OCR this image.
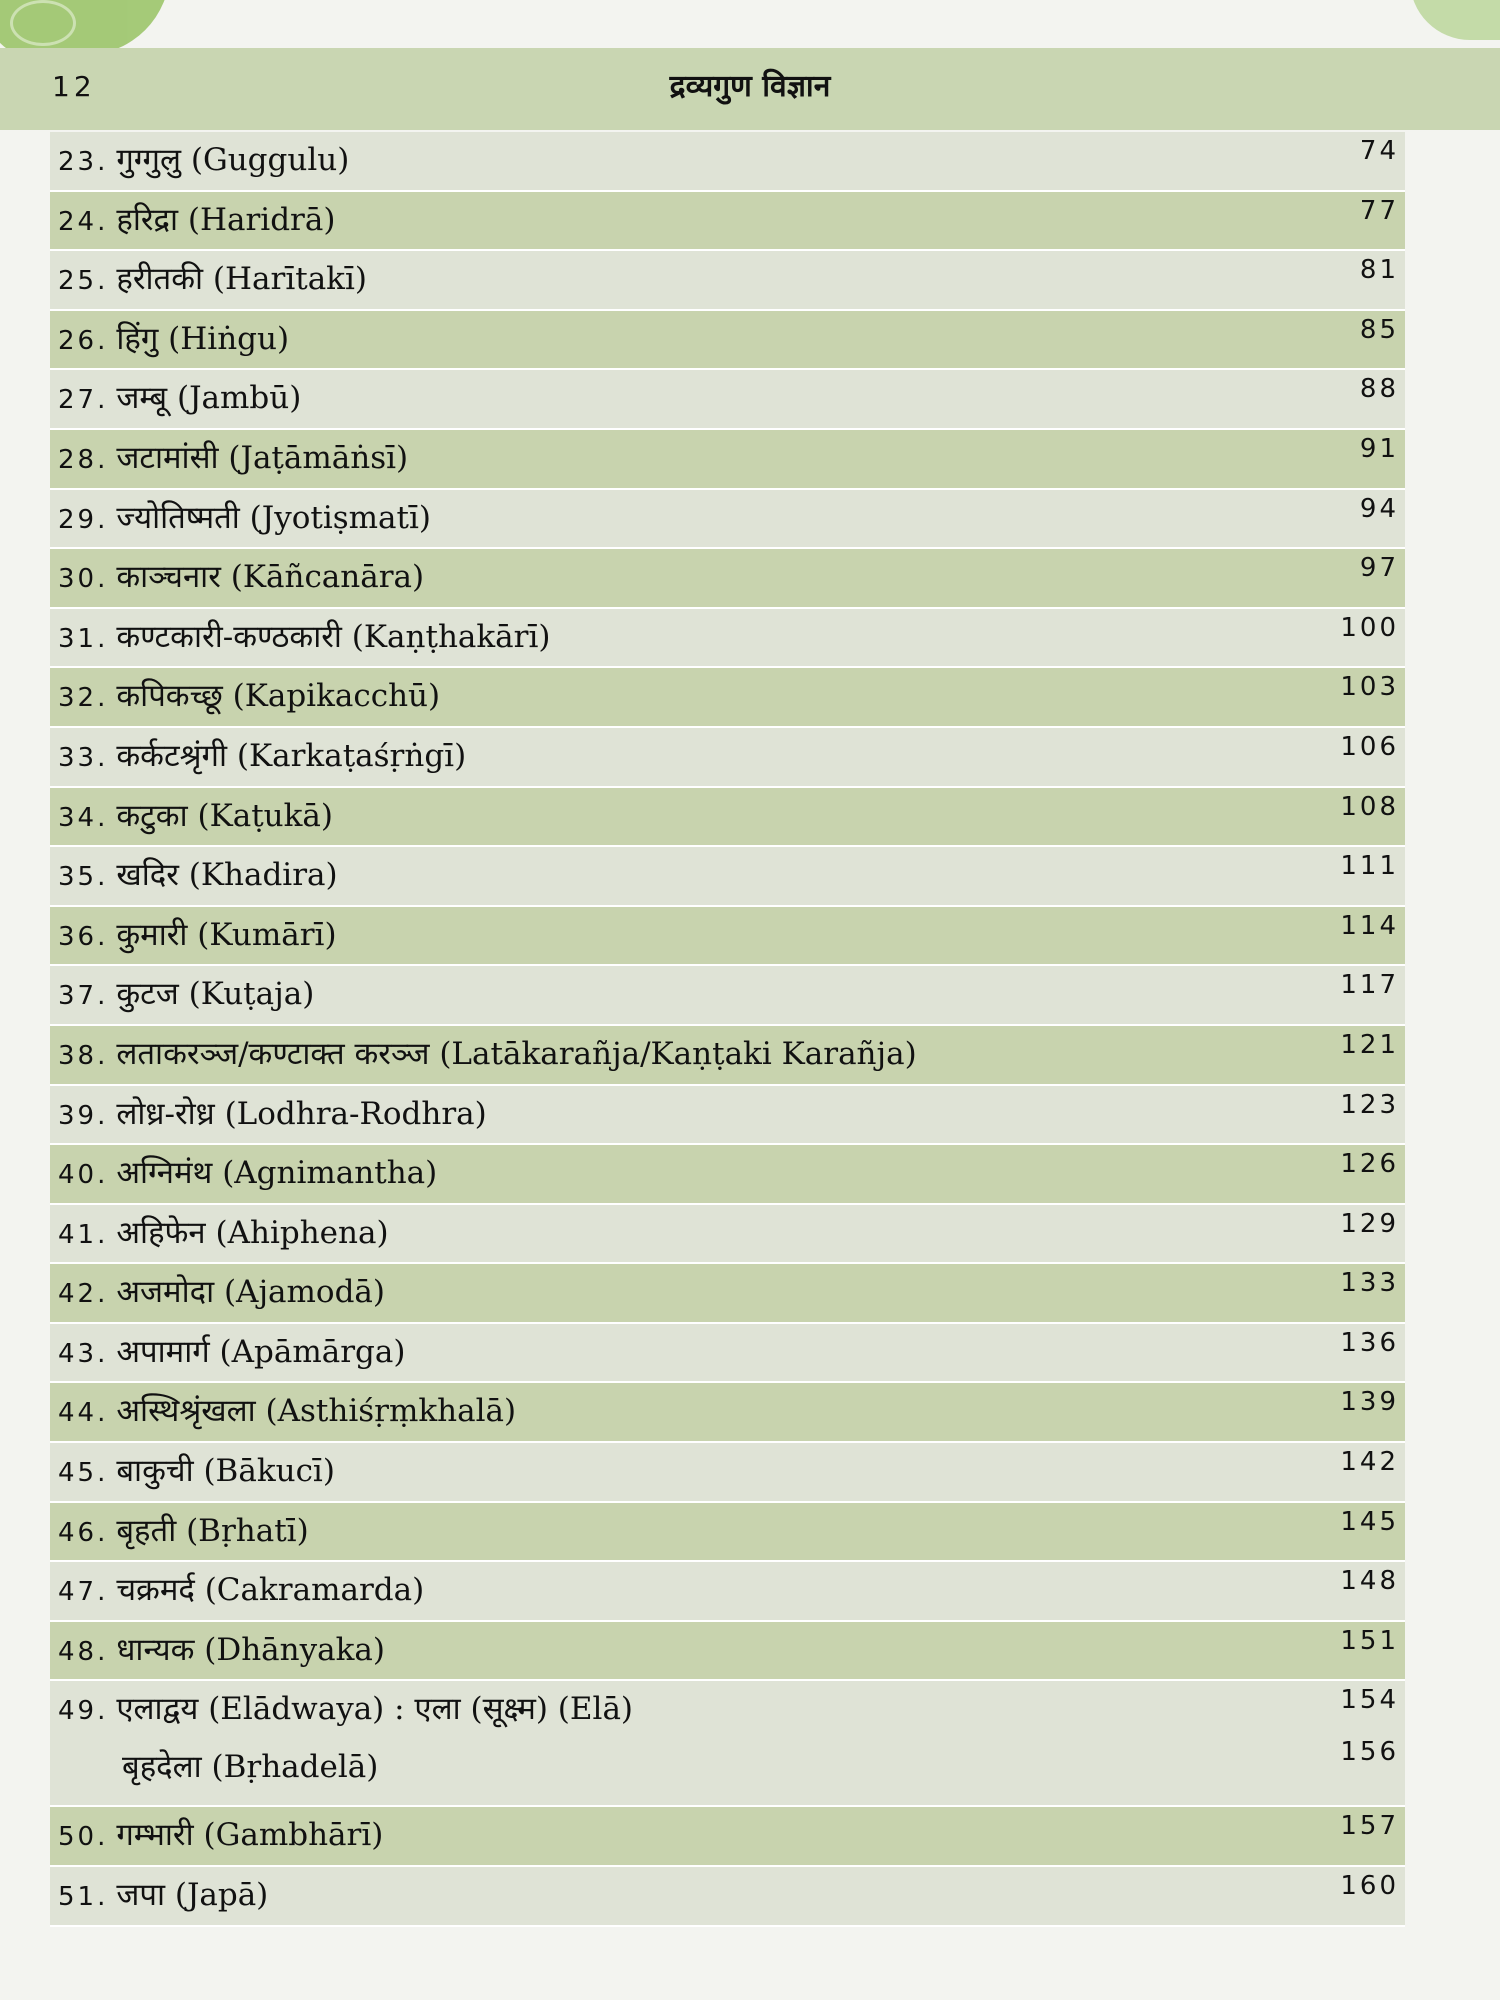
12	द्रव्यगुण विज्ञान
23. गुग्गुलु (Guggulu)	74
24. हरिद्रा (Haridrā)	77
25. हरीतकी (Harītakī)	81
26. हिंगु (Hiṅgu)	85
27. जम्बू (Jambū)	88
28. जटामांसी (Jaṭāmāṅsī)	91
29. ज्योतिष्मती (Jyotiṣmatī)	94
30. काञ्चनार (Kāñcanāra)	97
31. कण्टकारी-कण्ठकारी (Kaṇṭhakārī)	100
32. कपिकच्छू (Kapikacchū)	103
33. कर्कटश्रृंगी (Karkaṭaśṛṅgī)	106
34. कटुका (Kaṭukā)	108
35. खदिर (Khadira)	111
36. कुमारी (Kumārī)	114
37. कुटज (Kuṭaja)	117
38. लताकरञ्ज/कण्टाक्त करञ्ज (Latākarañja/Kaṇṭaki Karañja)	121
39. लोध्र-रोध्र (Lodhra-Rodhra)	123
40. अग्निमंथ (Agnimantha)	126
41. अहिफेन (Ahiphena)	129
42. अजमोदा (Ajamodā)	133
43. अपामार्ग (Apāmārga)	136
44. अस्थिश्रृंखला (Asthiśṛṃkhalā)	139
45. बाकुची (Bākucī)	142
46. बृहती (Bṛhatī)	145
47. चक्रमर्द (Cakramarda)	148
48. धान्यक (Dhānyaka)	151
49. एलाद्वय (Elādwaya) : एला (सूक्ष्म) (Elā)	154
बृहदेला (Bṛhadelā)	156
50. गम्भारी (Gambhārī)	157
51. जपा (Japā)	160
